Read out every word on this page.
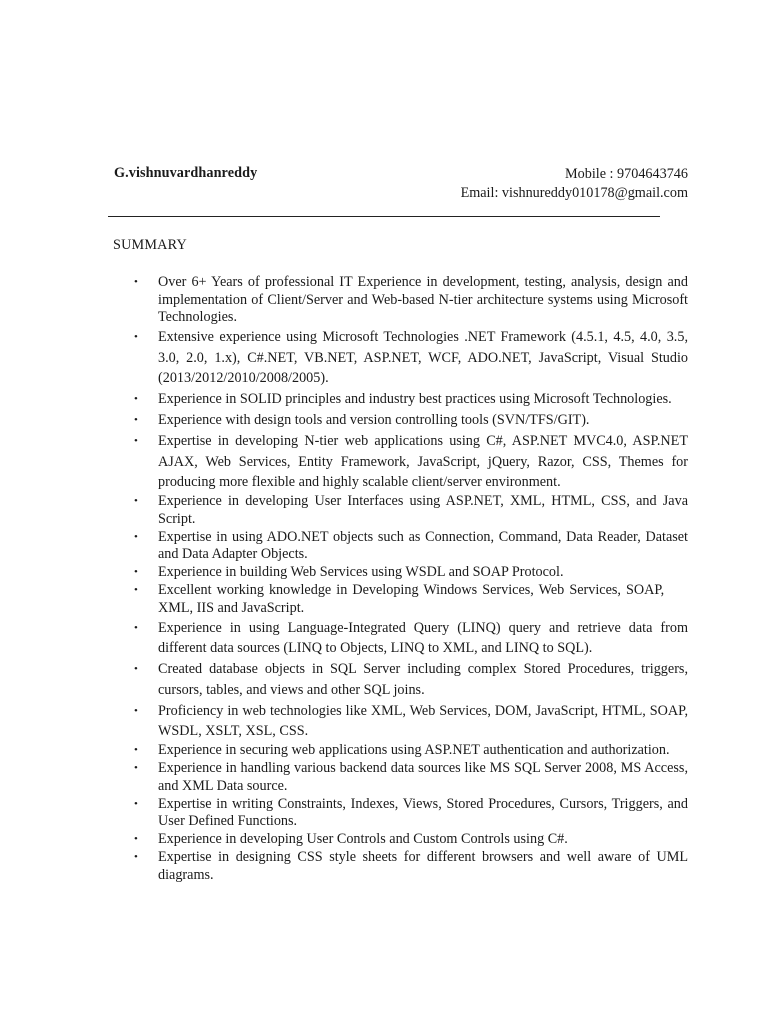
G.vishnuvardhanreddy	Mobile : 9704643746
Email: vishnureddy010178@gmail.com
SUMMARY
• Over 6+ Years of professional IT Experience in development, testing, analysis, design and implementation of Client/Server and Web-based N-tier architecture systems using Microsoft Technologies.
• Extensive experience using Microsoft Technologies .NET Framework (4.5.1, 4.5, 4.0, 3.5, 3.0, 2.0, 1.x), C#.NET, VB.NET, ASP.NET, WCF, ADO.NET, JavaScript, Visual Studio (2013/2012/2010/2008/2005).
• Experience in SOLID principles and industry best practices using Microsoft Technologies.
• Experience with design tools and version controlling tools (SVN/TFS/GIT).
• Expertise in developing N-tier web applications using C#, ASP.NET MVC4.0, ASP.NET AJAX, Web Services, Entity Framework, JavaScript, jQuery, Razor, CSS, Themes for producing more flexible and highly scalable client/server environment.
• Experience in developing User Interfaces using ASP.NET, XML, HTML, CSS, and Java Script.
• Expertise in using ADO.NET objects such as Connection, Command, Data Reader, Dataset and Data Adapter Objects.
• Experience in building Web Services using WSDL and SOAP Protocol.
• Excellent working knowledge in Developing Windows Services, Web Services, SOAP,      XML, IIS and JavaScript.
• Experience in using Language-Integrated Query (LINQ) query and retrieve data from different data sources (LINQ to Objects, LINQ to XML, and LINQ to SQL).
• Created database objects in SQL Server including complex Stored Procedures, triggers, cursors, tables, and views and other SQL joins.
• Proficiency in web technologies like XML, Web Services, DOM, JavaScript, HTML, SOAP, WSDL, XSLT, XSL, CSS.
• Experience in securing web applications using ASP.NET authentication and authorization.
• Experience in handling various backend data sources like MS SQL Server 2008, MS Access, and XML Data source.
• Expertise in writing Constraints, Indexes, Views, Stored Procedures, Cursors, Triggers, and User Defined Functions.
• Experience in developing User Controls and Custom Controls using C#.
• Expertise in designing CSS style sheets for different browsers and well aware of UML diagrams.
